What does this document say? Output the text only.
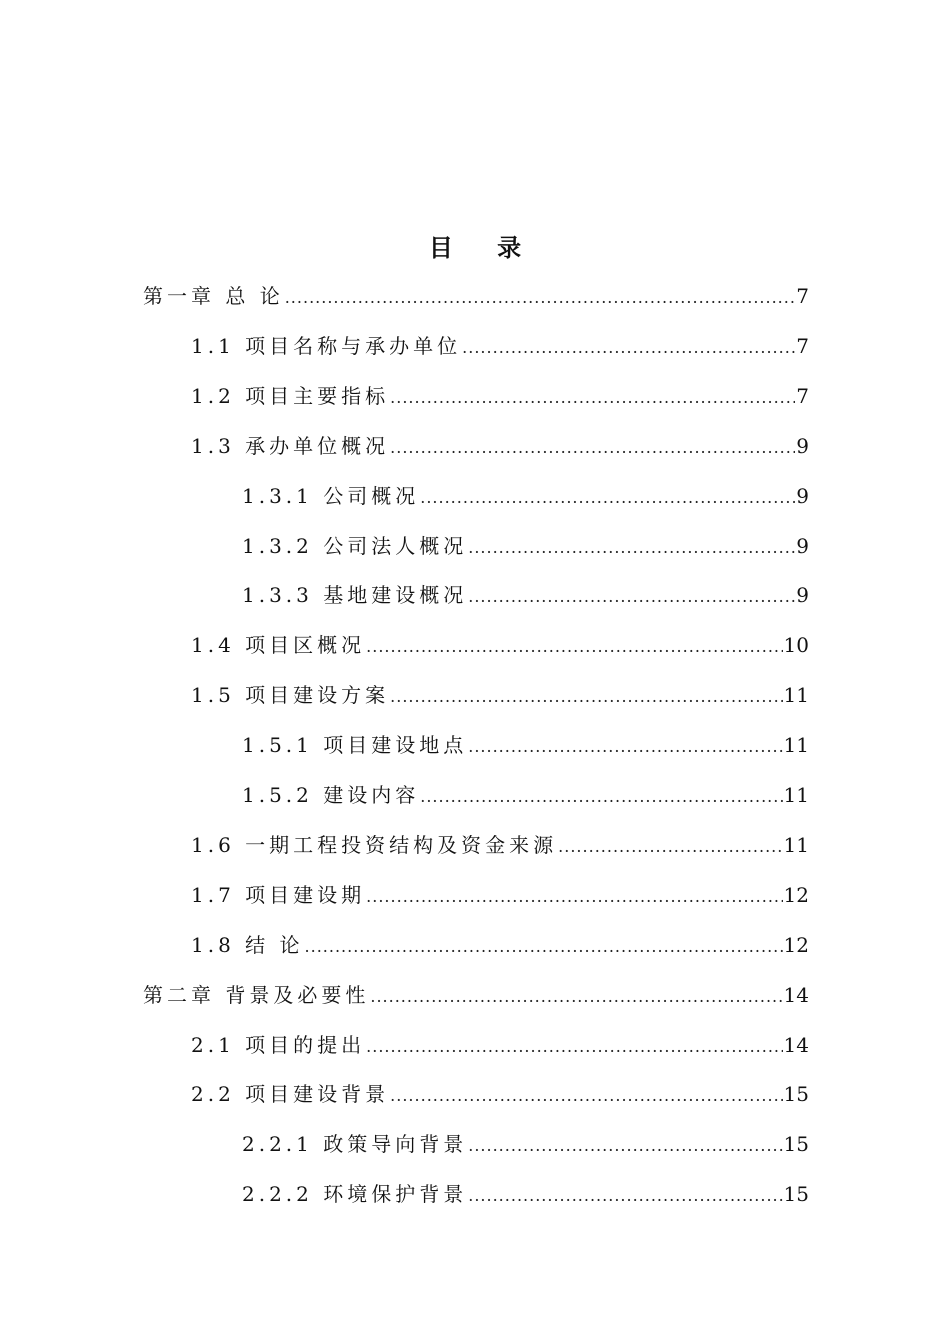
目 录
第一章 总 论 .....	7
1.1 项目名称与承办单位 .....	7
1.2 项目主要指标 .....	7
1.3 承办单位概况 .....	9
1.3.1 公司概况 .....	9
1.3.2 公司法人概况 .....	9
1.3.3 基地建设概况 .....	9
1.4 项目区概况 .....	10
1.5 项目建设方案 .....	11
1.5.1 项目建设地点 .....	11
1.5.2 建设内容 .....	11
1.6 一期工程投资结构及资金来源 .....	11
1.7 项目建设期 .....	12
1.8 结 论 .....	12
第二章 背景及必要性 .....	14
2.1 项目的提出 .....	14
2.2 项目建设背景 .....	15
2.2.1 政策导向背景 .....	15
2.2.2 环境保护背景 .....	15
